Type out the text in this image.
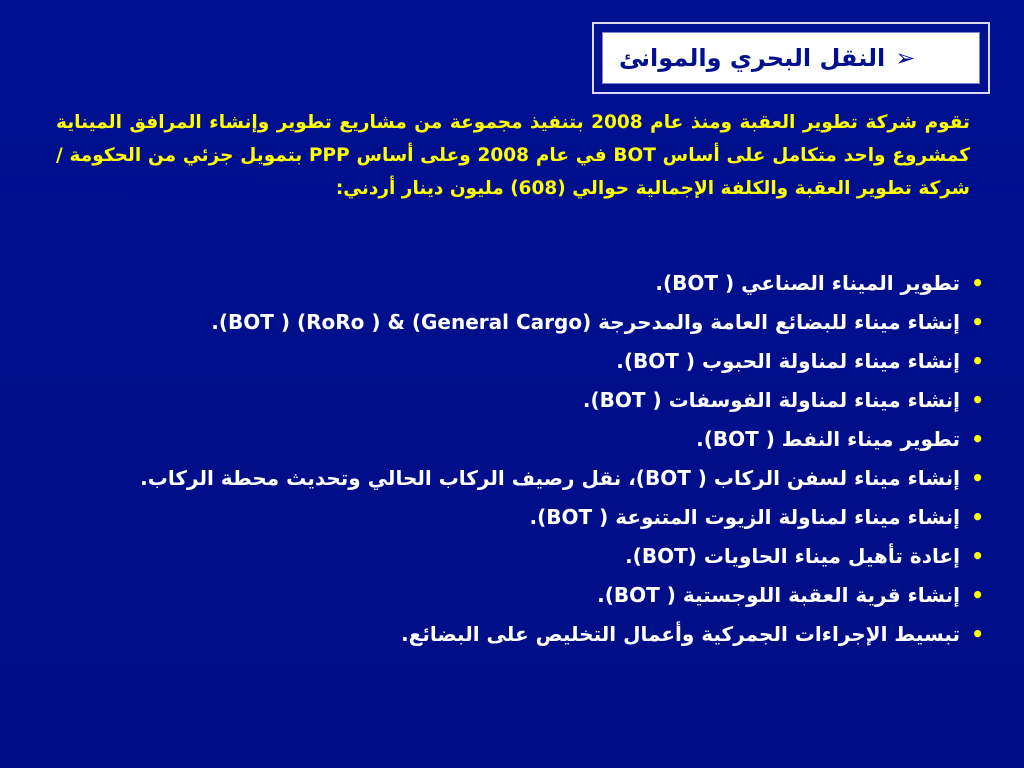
➢
النقل البحري والموانئ
تقوم شركة تطوير العقبة ومنذ عام 2008 بتنفيذ مجموعة من مشاريع تطوير وإنشاء المرافق الميناية كمشروع واحد متكامل على أساس BOT في عام 2008 وعلى أساس PPP بتمويل جزئي من الحكومة /شركة تطوير العقبة والكلفة الإجمالية حوالي (608) مليون دينار أردني:
•
تطوير الميناء الصناعي ( BOT).
•
إنشاء ميناء للبضائع العامة والمدحرجة (General Cargo) & ( RoRo) ( BOT).
•
إنشاء ميناء لمناولة الحبوب ( BOT).
•
إنشاء ميناء لمناولة الفوسفات ( BOT).
•
تطوير ميناء النفط ( BOT).
•
إنشاء ميناء لسفن الركاب ( BOT)، نقل رصيف الركاب الحالي وتحديث محطة الركاب.
•
إنشاء ميناء لمناولة الزيوت المتنوعة ( BOT).
•
إعادة تأهيل ميناء الحاويات (BOT).
•
إنشاء قرية العقبة اللوجستية ( BOT).
•
تبسيط الإجراءات الجمركية وأعمال التخليص على البضائع.
